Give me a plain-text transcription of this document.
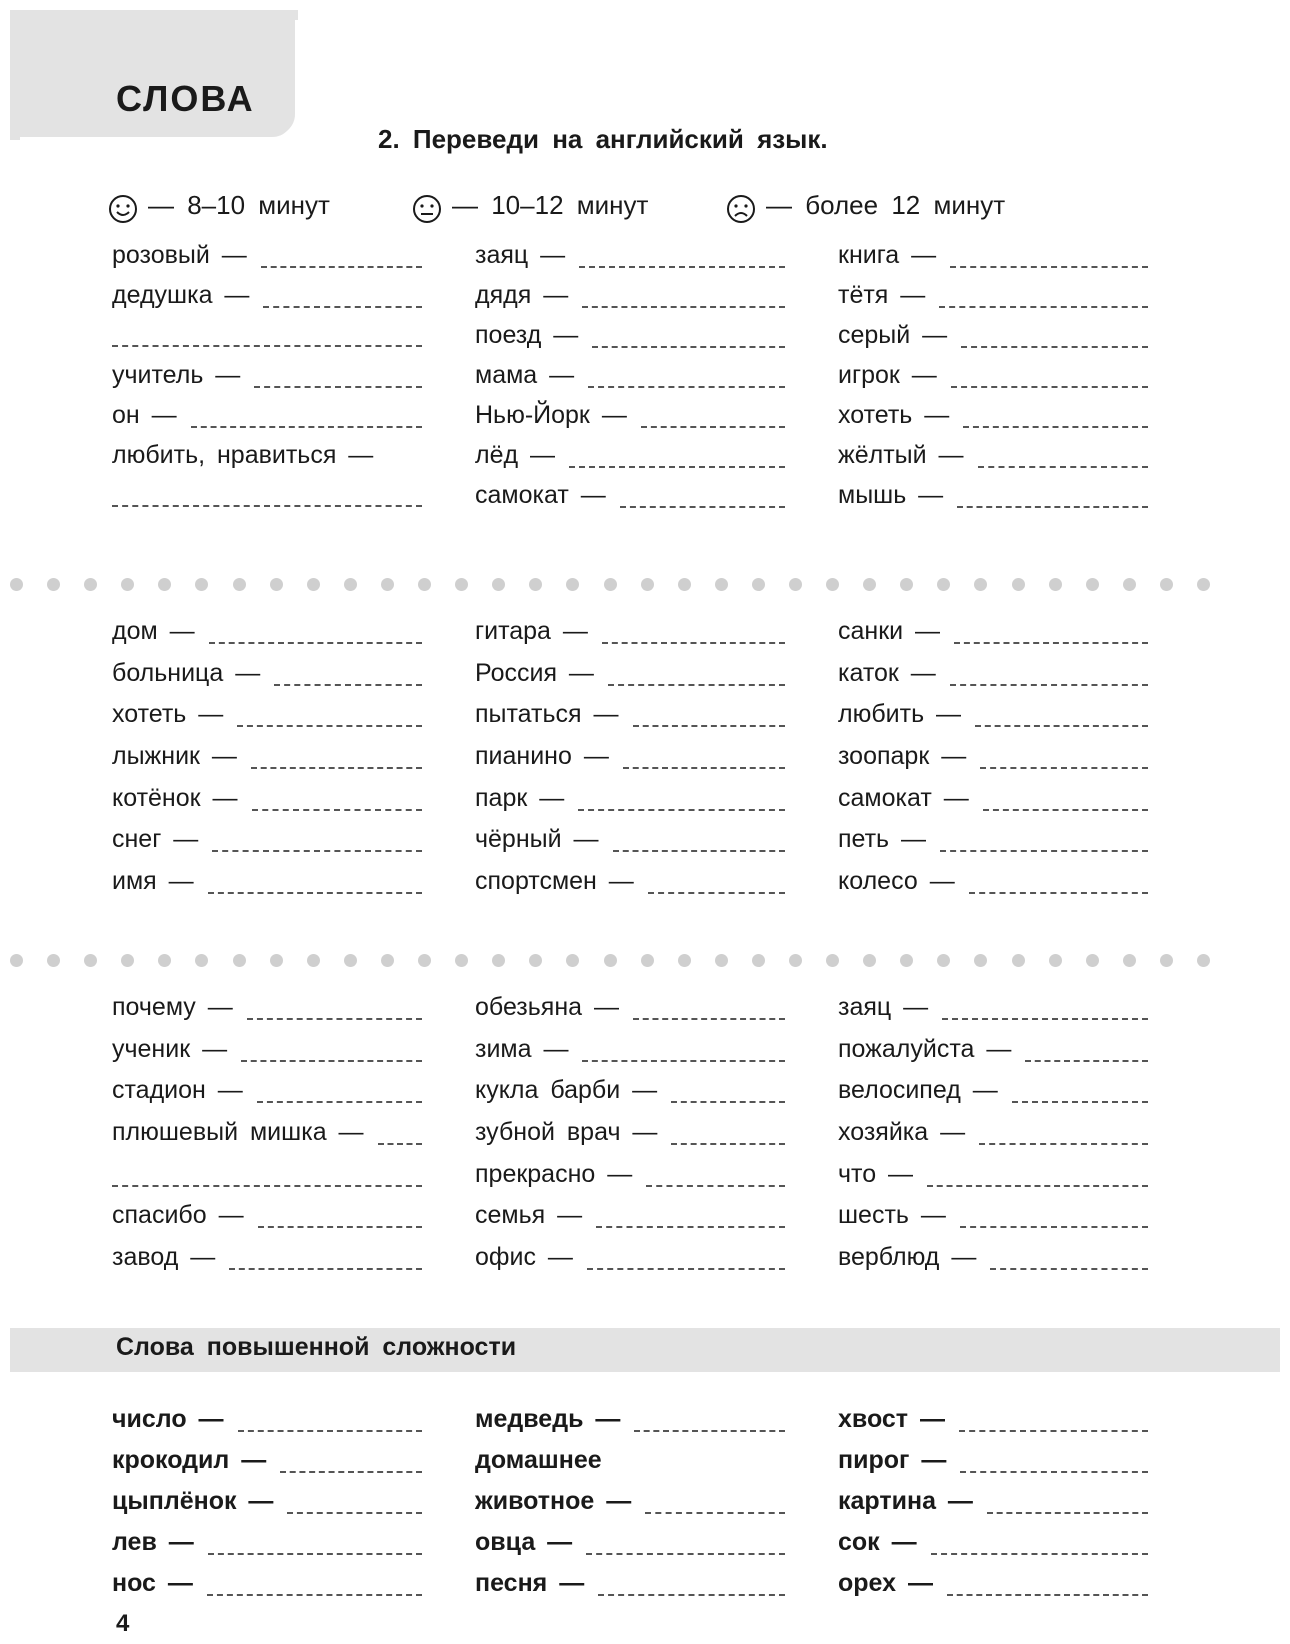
СЛОВА
2. Переведи на английский язык.
— 8–10 минут	— 10–12 минут	— более 12 минут
розовый —
дедушка —
учитель —
он —
любить, нравиться —
заяц —
дядя —
поезд —
мама —
Нью-Йорк —
лёд —
самокат —
книга —
тётя —
серый —
игрок —
хотеть —
жёлтый —
мышь —
дом —
больница —
хотеть —
лыжник —
котёнок —
снег —
имя —
гитара —
Россия —
пытаться —
пианино —
парк —
чёрный —
спортсмен —
санки —
каток —
любить —
зоопарк —
самокат —
петь —
колесо —
почему —
ученик —
стадион —
плюшевый мишка —
спасибо —
завод —
обезьяна —
зима —
кукла барби —
зубной врач —
прекрасно —
семья —
офис —
заяц —
пожалуйста —
велосипед —
хозяйка —
что —
шесть —
верблюд —
Слова повышенной сложности
число —
крокодил —
цыплёнок —
лев —
нос —
медведь —
домашнее
животное —
овца —
песня —
хвост —
пирог —
картина —
сок —
орех —
4
